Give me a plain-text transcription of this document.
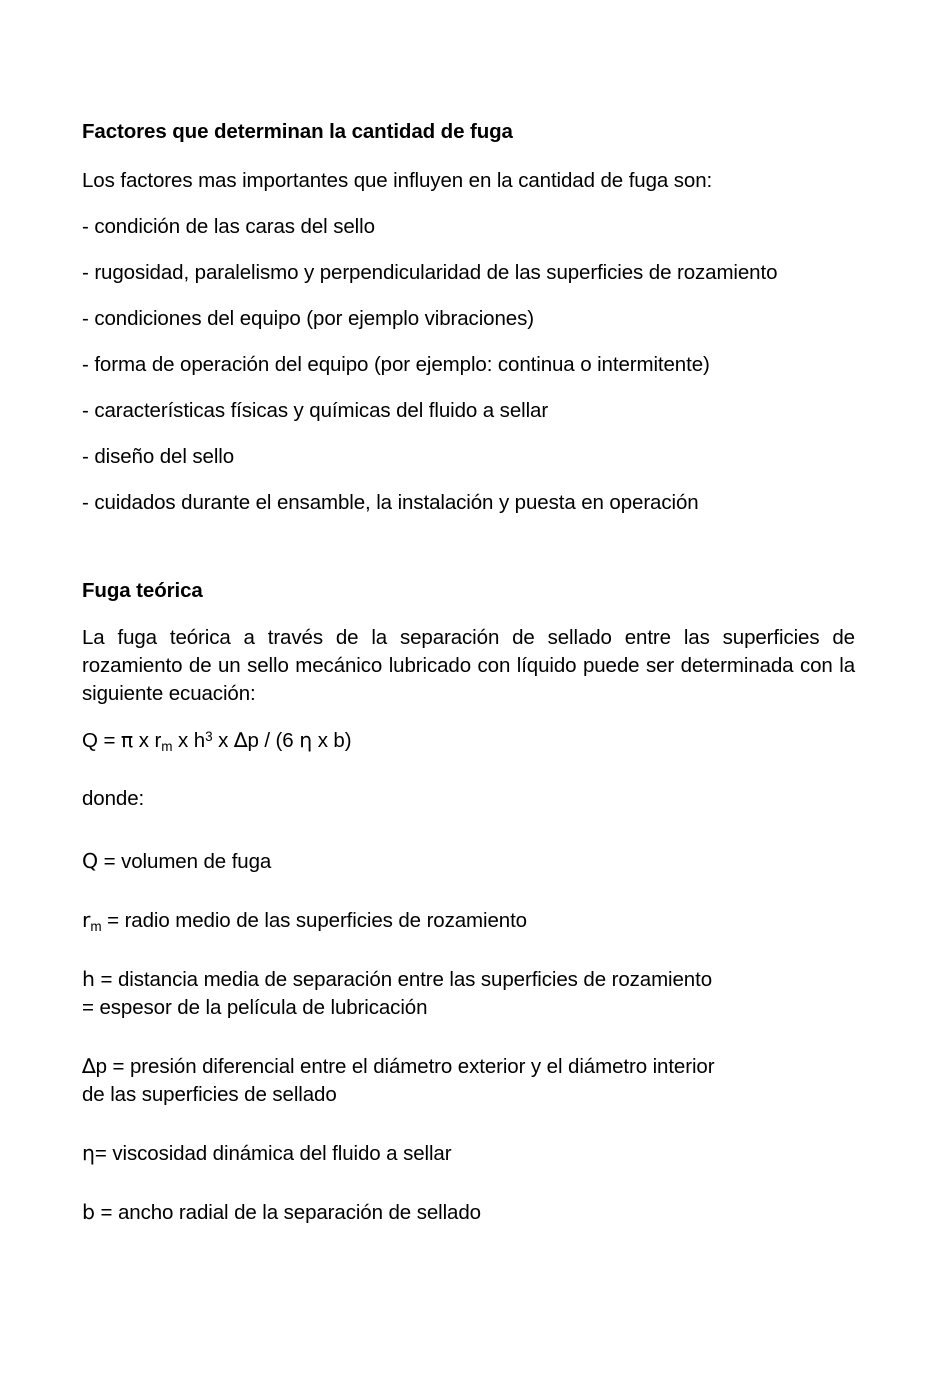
Factores que determinan la cantidad de fuga

Los factores mas importantes que influyen en la cantidad de fuga son:

- condición de las caras del sello

- rugosidad, paralelismo y perpendicularidad de las superficies de rozamiento

- condiciones del equipo (por ejemplo vibraciones)

- forma de operación del equipo (por ejemplo: continua o intermitente)

- características físicas y químicas del fluido a sellar

- diseño del sello

- cuidados durante el ensamble, la instalación y puesta en operación

Fuga teórica

La fuga teórica a través de la separación de sellado entre las superficies de rozamiento de un sello mecánico lubricado con líquido puede ser determinada con la siguiente ecuación:

Q = π x $r_m$ x $h^3$ x ∆p / (6 η x b)

donde:

Q = volumen de fuga

$r_m$ = radio medio de las superficies de rozamiento

h = distancia media de separación entre las superficies de rozamiento
= espesor de la película de lubricación

∆p = presión diferencial entre el diámetro exterior y el diámetro interior
de las superficies de sellado

η= viscosidad dinámica del fluido a sellar

b = ancho radial de la separación de sellado
